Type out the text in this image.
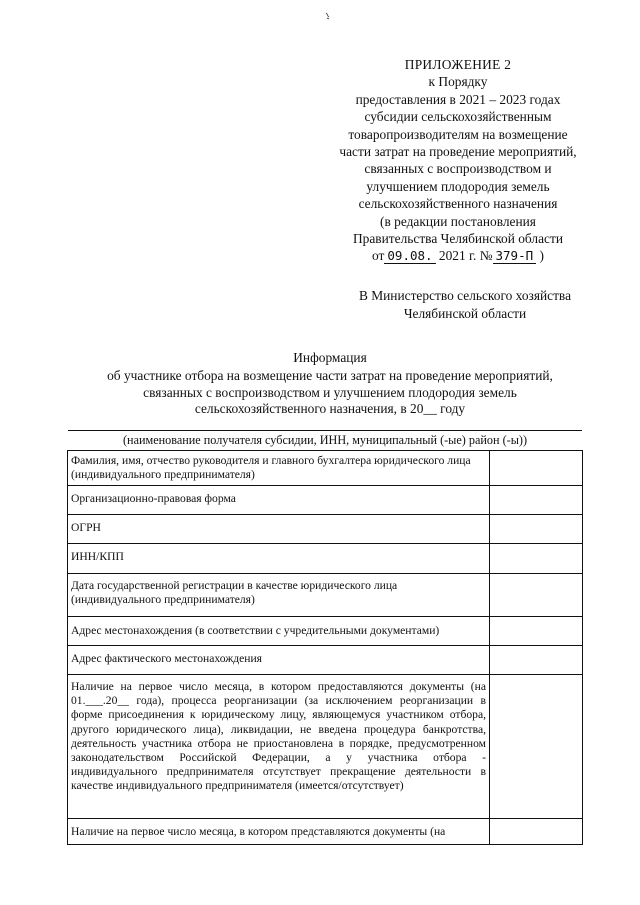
ПРИЛОЖЕНИЕ 2
к Порядку
предоставления в 2021 – 2023 годах
субсидии сельскохозяйственным
товаропроизводителям на возмещение
части затрат на проведение мероприятий,
связанных с воспроизводством и
улучшением плодородия земель
сельскохозяйственного назначения
(в редакции постановления
Правительства Челябинской области
от 09.08. 2021 г. № 379-П )
В Министерство сельского хозяйства
Челябинской области
Информация
об участнике отбора на возмещение части затрат на проведение мероприятий,
связанных с воспроизводством и улучшением плодородия земель
сельскохозяйственного назначения, в 20__ году
(наименование получателя субсидии, ИНН, муниципальный (-ые) район (-ы))
Фамилия, имя, отчество руководителя и главного бухгалтера юридического лица (индивидуального предпринимателя)	
Организационно-правовая форма	
ОГРН	
ИНН/КПП	
Дата государственной регистрации в качестве юридического лица (индивидуального предпринимателя)	
Адрес местонахождения (в соответствии с учредительными документами)	
Адрес фактического местонахождения	
Наличие на первое число месяца, в котором предоставляются документы (на 01.___.20__ года), процесса реорганизации (за исключением реорганизации в форме присоединения к юридическому лицу, являющемуся участником отбора, другого юридического лица), ликвидации, не введена процедура банкротства, деятельность участника отбора не приостановлена в порядке, предусмотренном законодательством Российской Федерации, а у участника отбора - индивидуального предпринимателя отсутствует прекращение деятельности в качестве индивидуального предпринимателя (имеется/отсутствует)	
Наличие на первое число месяца, в котором представляются документы (на	
